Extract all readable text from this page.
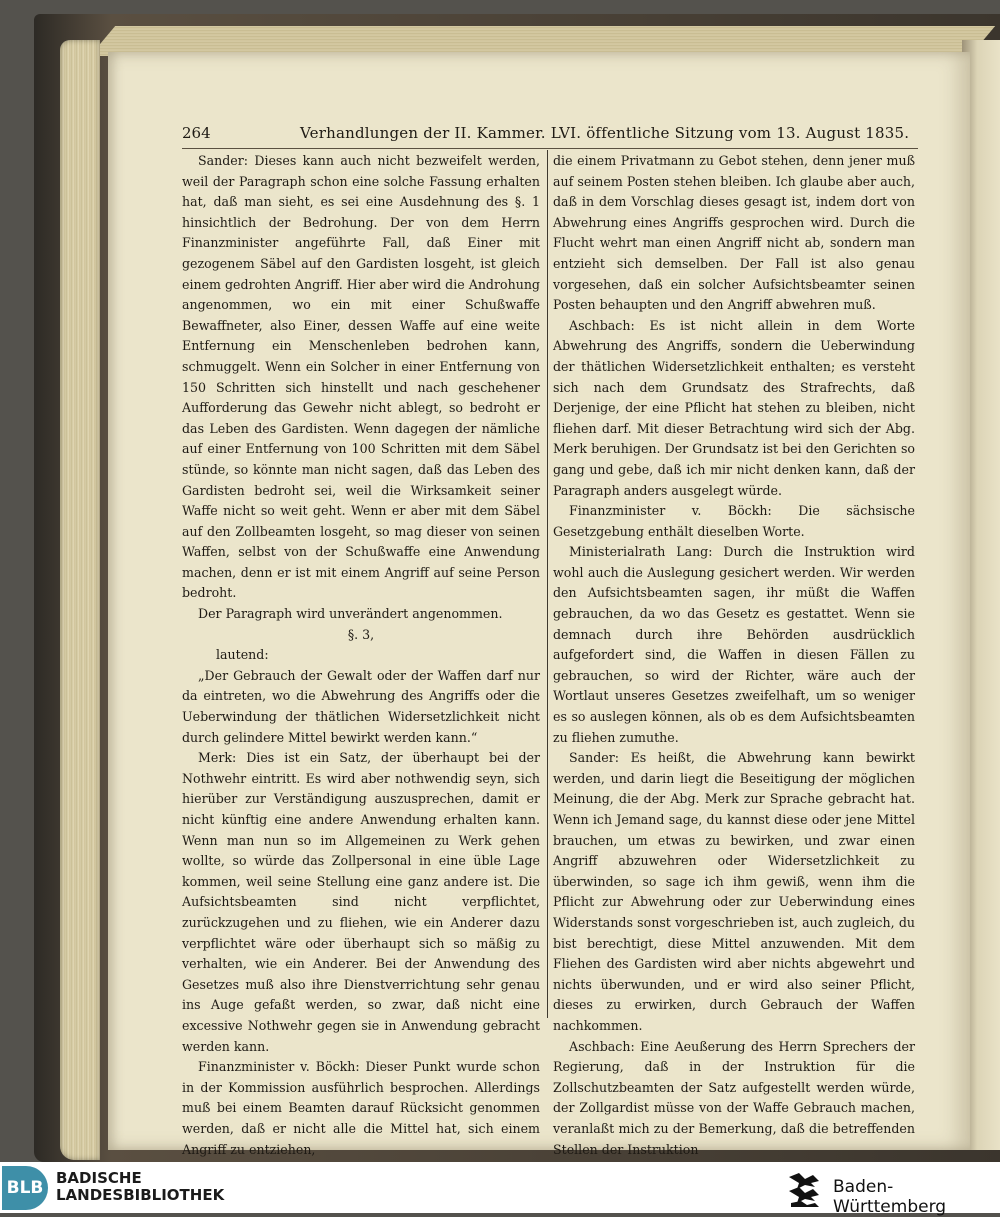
264	Verhandlungen der II. Kammer. LVI. öffentliche Sitzung vom 13. August 1835.

Sander: Dieses kann auch nicht bezweifelt werden, weil der Paragraph schon eine solche Fassung erhalten hat, daß man sieht, es sei eine Ausdehnung des §. 1 hinsichtlich der Bedrohung. Der von dem Herrn Finanzminister angeführte Fall, daß Einer mit gezogenem Säbel auf den Gardisten losgeht, ist gleich einem gedrohten Angriff. Hier aber wird die Androhung angenommen, wo ein mit einer Schußwaffe Bewaffneter, also Einer, dessen Waffe auf eine weite Entfernung ein Menschenleben bedrohen kann, schmuggelt. Wenn ein Solcher in einer Entfernung von 150 Schritten sich hinstellt und nach geschehener Aufforderung das Gewehr nicht ablegt, so bedroht er das Leben des Gardisten. Wenn dagegen der nämliche auf einer Entfernung von 100 Schritten mit dem Säbel stünde, so könnte man nicht sagen, daß das Leben des Gardisten bedroht sei, weil die Wirksamkeit seiner Waffe nicht so weit geht. Wenn er aber mit dem Säbel auf den Zollbeamten losgeht, so mag dieser von seinen Waffen, selbst von der Schußwaffe eine Anwendung machen, denn er ist mit einem Angriff auf seine Person bedroht.

Der Paragraph wird unverändert angenommen.

§. 3,

lautend:

„Der Gebrauch der Gewalt oder der Waffen darf nur da eintreten, wo die Abwehrung des Angriffs oder die Ueberwindung der thätlichen Widersetzlichkeit nicht durch gelindere Mittel bewirkt werden kann.“

Merk: Dies ist ein Satz, der überhaupt bei der Nothwehr eintritt. Es wird aber nothwendig seyn, sich hierüber zur Verständigung auszusprechen, damit er nicht künftig eine andere Anwendung erhalten kann. Wenn man nun so im Allgemeinen zu Werk gehen wollte, so würde das Zollpersonal in eine üble Lage kommen, weil seine Stellung eine ganz andere ist. Die Aufsichtsbeamten sind nicht verpflichtet, zurückzugehen und zu fliehen, wie ein Anderer dazu verpflichtet wäre oder überhaupt sich so mäßig zu verhalten, wie ein Anderer. Bei der Anwendung des Gesetzes muß also ihre Dienstverrichtung sehr genau ins Auge gefaßt werden, so zwar, daß nicht eine excessive Nothwehr gegen sie in Anwendung gebracht werden kann.

Finanzminister v. Böckh: Dieser Punkt wurde schon in der Kommission ausführlich besprochen. Allerdings muß bei einem Beamten darauf Rücksicht genommen werden, daß er nicht alle die Mittel hat, sich einem Angriff zu entziehen,

die einem Privatmann zu Gebot stehen, denn jener muß auf seinem Posten stehen bleiben. Ich glaube aber auch, daß in dem Vorschlag dieses gesagt ist, indem dort von Abwehrung eines Angriffs gesprochen wird. Durch die Flucht wehrt man einen Angriff nicht ab, sondern man entzieht sich demselben. Der Fall ist also genau vorgesehen, daß ein solcher Aufsichtsbeamter seinen Posten behaupten und den Angriff abwehren muß.

Aschbach: Es ist nicht allein in dem Worte Abwehrung des Angriffs, sondern die Ueberwindung der thätlichen Widersetzlichkeit enthalten; es versteht sich nach dem Grundsatz des Strafrechts, daß Derjenige, der eine Pflicht hat stehen zu bleiben, nicht fliehen darf. Mit dieser Betrachtung wird sich der Abg. Merk beruhigen. Der Grundsatz ist bei den Gerichten so gang und gebe, daß ich mir nicht denken kann, daß der Paragraph anders ausgelegt würde.

Finanzminister v. Böckh: Die sächsische Gesetzgebung enthält dieselben Worte.

Ministerialrath Lang: Durch die Instruktion wird wohl auch die Auslegung gesichert werden. Wir werden den Aufsichtsbeamten sagen, ihr müßt die Waffen gebrauchen, da wo das Gesetz es gestattet. Wenn sie demnach durch ihre Behörden ausdrücklich aufgefordert sind, die Waffen in diesen Fällen zu gebrauchen, so wird der Richter, wäre auch der Wortlaut unseres Gesetzes zweifelhaft, um so weniger es so auslegen können, als ob es dem Aufsichtsbeamten zu fliehen zumuthe.

Sander: Es heißt, die Abwehrung kann bewirkt werden, und darin liegt die Beseitigung der möglichen Meinung, die der Abg. Merk zur Sprache gebracht hat. Wenn ich Jemand sage, du kannst diese oder jene Mittel brauchen, um etwas zu bewirken, und zwar einen Angriff abzuwehren oder Widersetzlichkeit zu überwinden, so sage ich ihm gewiß, wenn ihm die Pflicht zur Abwehrung oder zur Ueberwindung eines Widerstands sonst vorgeschrieben ist, auch zugleich, du bist berechtigt, diese Mittel anzuwenden. Mit dem Fliehen des Gardisten wird aber nichts abgewehrt und nichts überwunden, und er wird also seiner Pflicht, dieses zu erwirken, durch Gebrauch der Waffen nachkommen.

Aschbach: Eine Aeußerung des Herrn Sprechers der Regierung, daß in der Instruktion für die Zollschutzbeamten der Satz aufgestellt werden würde, der Zollgardist müsse von der Waffe Gebrauch machen, veranlaßt mich zu der Bemerkung, daß die betreffenden Stellen der Instruktion

BLB BADISCHE
LANDESBIBLIOTHEK	Baden-Württemberg
